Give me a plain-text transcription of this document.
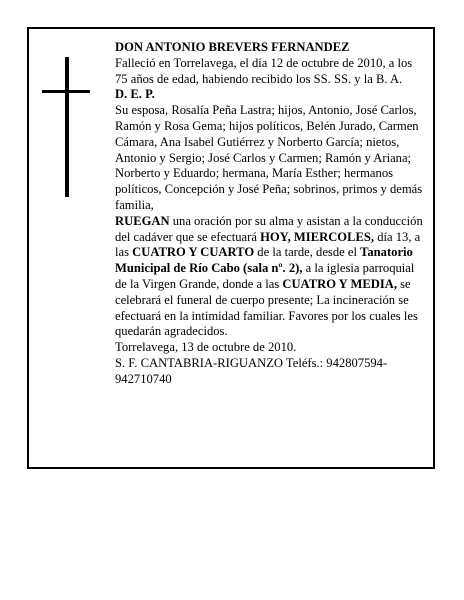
DON ANTONIO BREVERS FERNANDEZ

Falleció en Torrelavega, el día 12 de octubre de 2010, a los 75 años de edad, habiendo recibido los SS. SS. y la B. A.

D. E. P.

Su esposa, Rosalía Peña Lastra; hijos, Antonio, José Carlos, Ramón y Rosa Gema; hijos políticos, Belén Jurado, Carmen Cámara, Ana Isabel Gutiérrez y Norberto García; nietos, Antonio y Sergio; José Carlos y Carmen; Ramón y Ariana; Norberto y Eduardo; hermana, María Esther; hermanos políticos, Concepción y José Peña; sobrinos, primos y demás familia,

RUEGAN una oración por su alma y asistan a la conducción del cadáver que se efectuará HOY, MIERCOLES, día 13, a las CUATRO Y CUARTO de la tarde, desde el Tanatorio Municipal de Río Cabo (sala nº. 2), a la iglesia parroquial de la Virgen Grande, donde a las CUATRO Y MEDIA, se celebrará el funeral de cuerpo presente; La incineración se efectuará en la intimidad familiar. Favores por los cuales les quedarán agradecidos.

Torrelavega, 13 de octubre de 2010.

S. F. CANTABRIA-RIGUANZO Teléfs.: 942807594-942710740
